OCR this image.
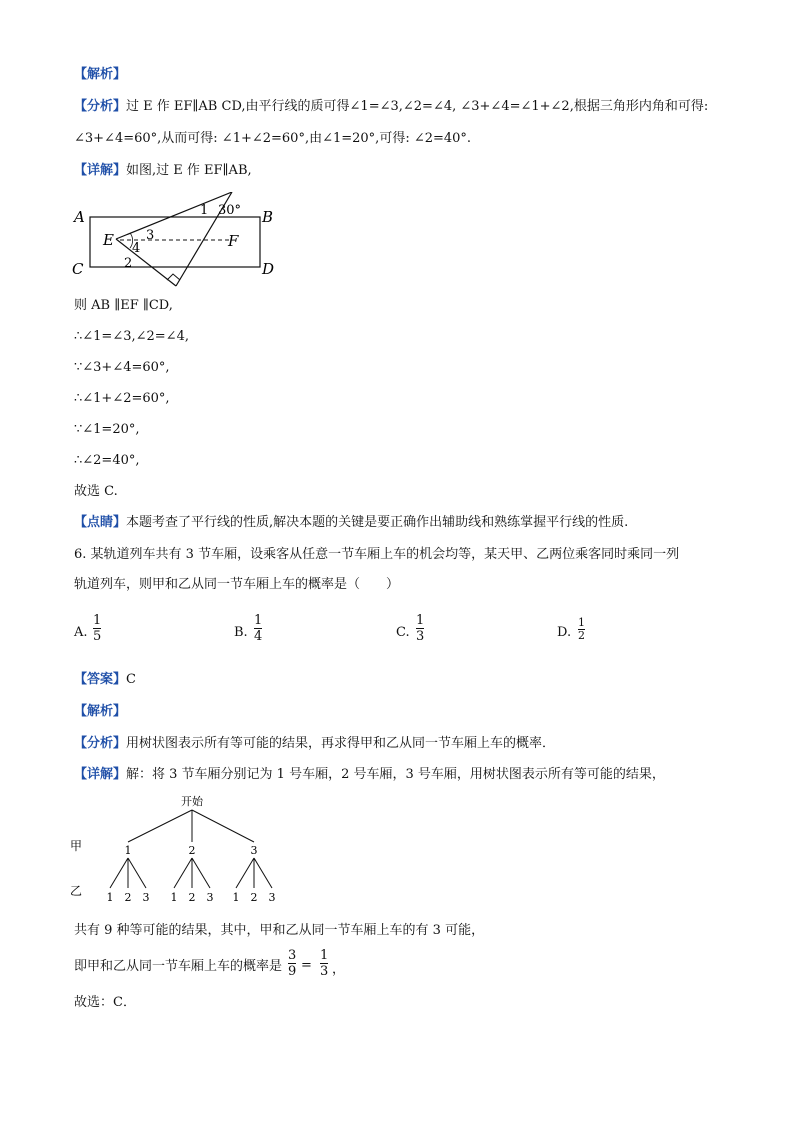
【解析】
【分析】过 E 作 EF∥AB CD,由平行线的质可得∠1=∠3,∠2=∠4, ∠3+∠4=∠1+∠2,根据三角形内角和可得:
∠3+∠4=60°,从而可得: ∠1+∠2=60°,由∠1=20°,可得: ∠2=40°.
【详解】如图,过 E 作 EF∥AB,
A	B
C	D
E	F
1 30°
3
4
2
则 AB ∥EF ∥CD,
∴∠1=∠3,∠2=∠4,
∵∠3+∠4=60°,
∴∠1+∠2=60°,
∵∠1=20°,
∴∠2=40°,
故选 C.
【点睛】本题考查了平行线的性质,解决本题的关键是要正确作出辅助线和熟练掌握平行线的性质.
6. 某轨道列车共有 3 节车厢，设乘客从任意一节车厢上车的机会均等，某天甲、乙两位乘客同时乘同一列
轨道列车，则甲和乙从同一节车厢上车的概率是（　　）
A.
1
5	B.
1
4	C.
1
3	D.
1
2
【答案】C
【解析】
【分析】用树状图表示所有等可能的结果，再求得甲和乙从同一节车厢上车的概率．
【详解】解：将 3 节车厢分别记为 1 号车厢，2 号车厢，3 号车厢，用树状图表示所有等可能的结果，
开始
甲
乙
1	2	3
1 2 3 1 2 3 1 2 3
共有 9 种等可能的结果，其中，甲和乙从同一节车厢上车的有 3 可能，
即甲和乙从同一节车厢上车的概率是
3
9 =
1
3 ，
故选：C．
